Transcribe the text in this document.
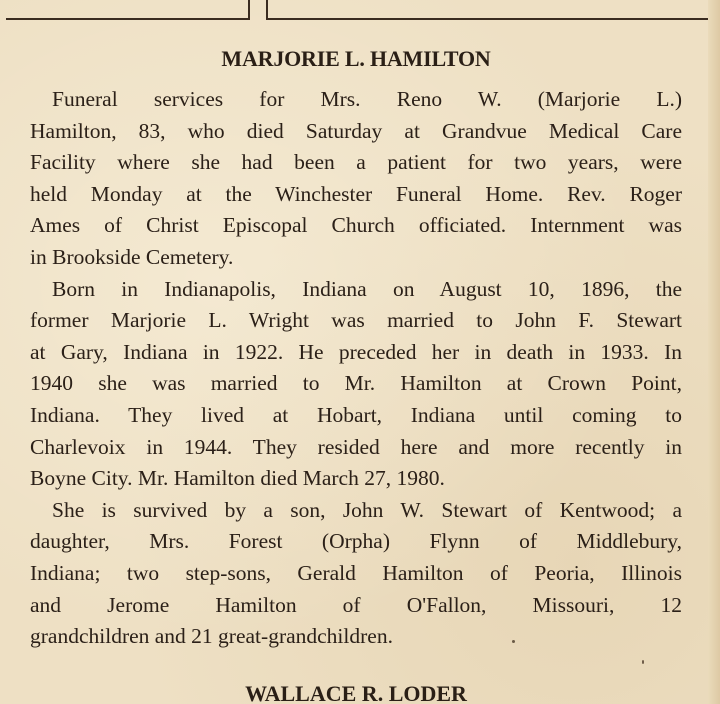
MARJORIE L. HAMILTON

Funeral services for Mrs. Reno W. (Marjorie L.)
Hamilton, 83, who died Saturday at Grandvue Medical Care
Facility where she had been a patient for two years, were
held Monday at the Winchester Funeral Home. Rev. Roger
Ames of Christ Episcopal Church officiated. Internment was
in Brookside Cemetery.

Born in Indianapolis, Indiana on August 10, 1896, the
former Marjorie L. Wright was married to John F. Stewart
at Gary, Indiana in 1922. He preceded her in death in 1933. In
1940 she was married to Mr. Hamilton at Crown Point,
Indiana. They lived at Hobart, Indiana until coming to
Charlevoix in 1944. They resided here and more recently in
Boyne City. Mr. Hamilton died March 27, 1980.

She is survived by a son, John W. Stewart of Kentwood; a
daughter, Mrs. Forest (Orpha) Flynn of Middlebury,
Indiana; two step-sons, Gerald Hamilton of Peoria, Illinois
and Jerome Hamilton of O'Fallon, Missouri, 12
grandchildren and 21 great-grandchildren.

WALLACE R. LODER
